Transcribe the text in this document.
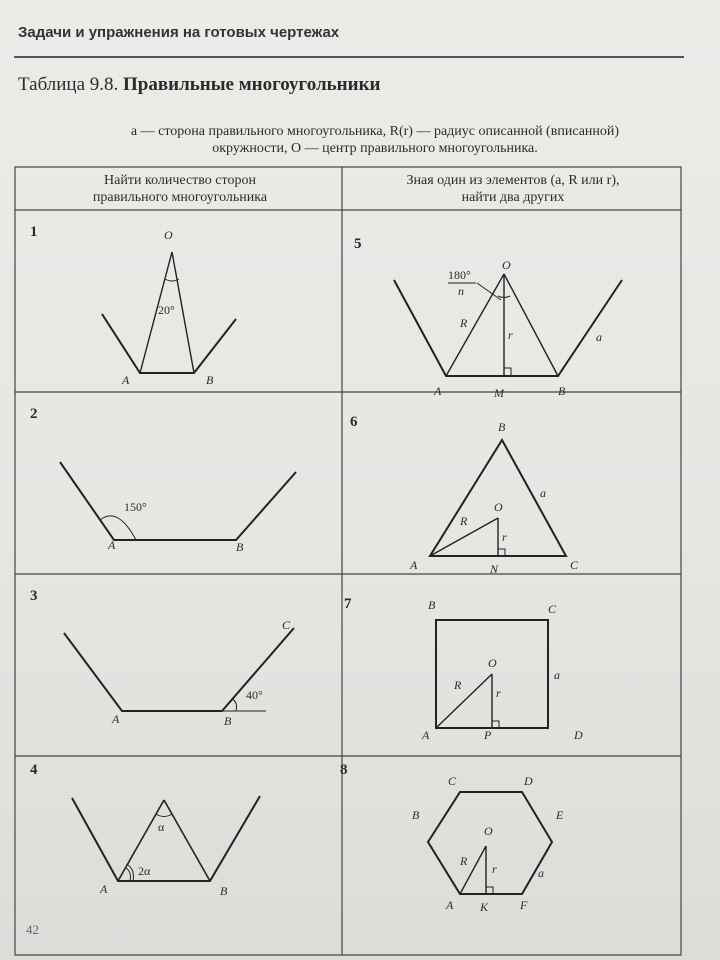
Задачи и упражнения на готовых чертежах
Таблица 9.8. Правильные многоугольники
a — сторона правильного многоугольника, R(r) — радиус описанной (вписанной)
окружности, O — центр правильного многоугольника.
Найти количество сторон
правильного многоугольника
Зная один из элементов (a, R или r),
найти два других
1
2
3
4
5
6
7
8
O
20°
A	B
150°
A	B
C
40°
A	B
α
2α
A	B
O
180°
n
R
r	a
A	M	B
B
a
O
R
r
A	N	C
B	C
O
a
R
r
A	P	D
C	D
O
B	E
R
r	a
A K	F
42
